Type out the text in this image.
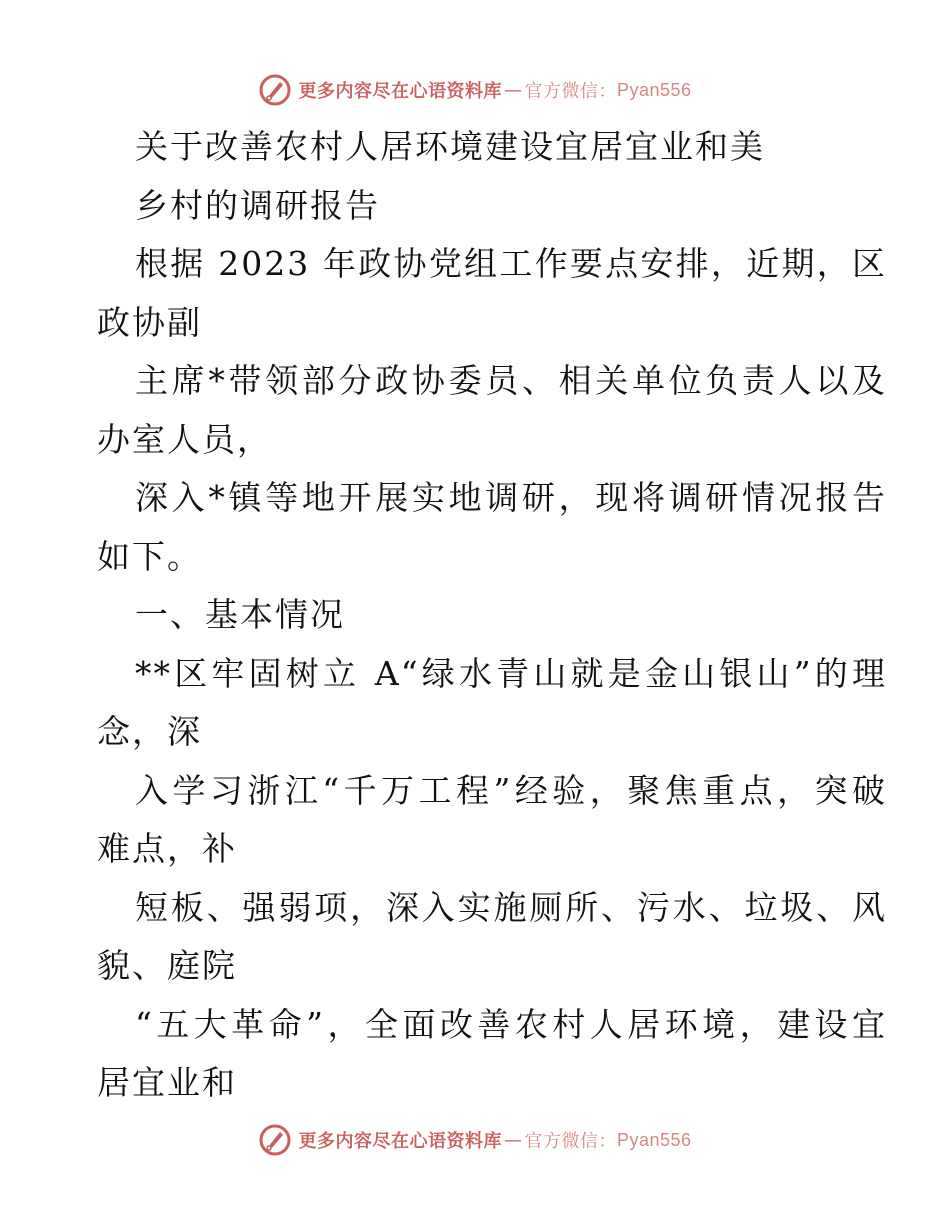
更多内容尽在心语资料库 — 官方微信： Pyan556
关于改善农村人居环境建设宜居宜业和美
乡村的调研报告
根据 2023 年政协党组工作要点安排，近期，区
政协副
主席*带领部分政协委员、相关单位负责人以及
办室人员，
深入*镇等地开展实地调研，现将调研情况报告
如下。
一、基本情况
**区牢固树立 A“绿水青山就是金山银山”的理
念，深
入学习浙江“千万工程”经验，聚焦重点，突破
难点，补
短板、强弱项，深入实施厕所、污水、垃圾、风
貌、庭院
“五大革命”，全面改善农村人居环境，建设宜
居宜业和
更多内容尽在心语资料库 — 官方微信： Pyan556
